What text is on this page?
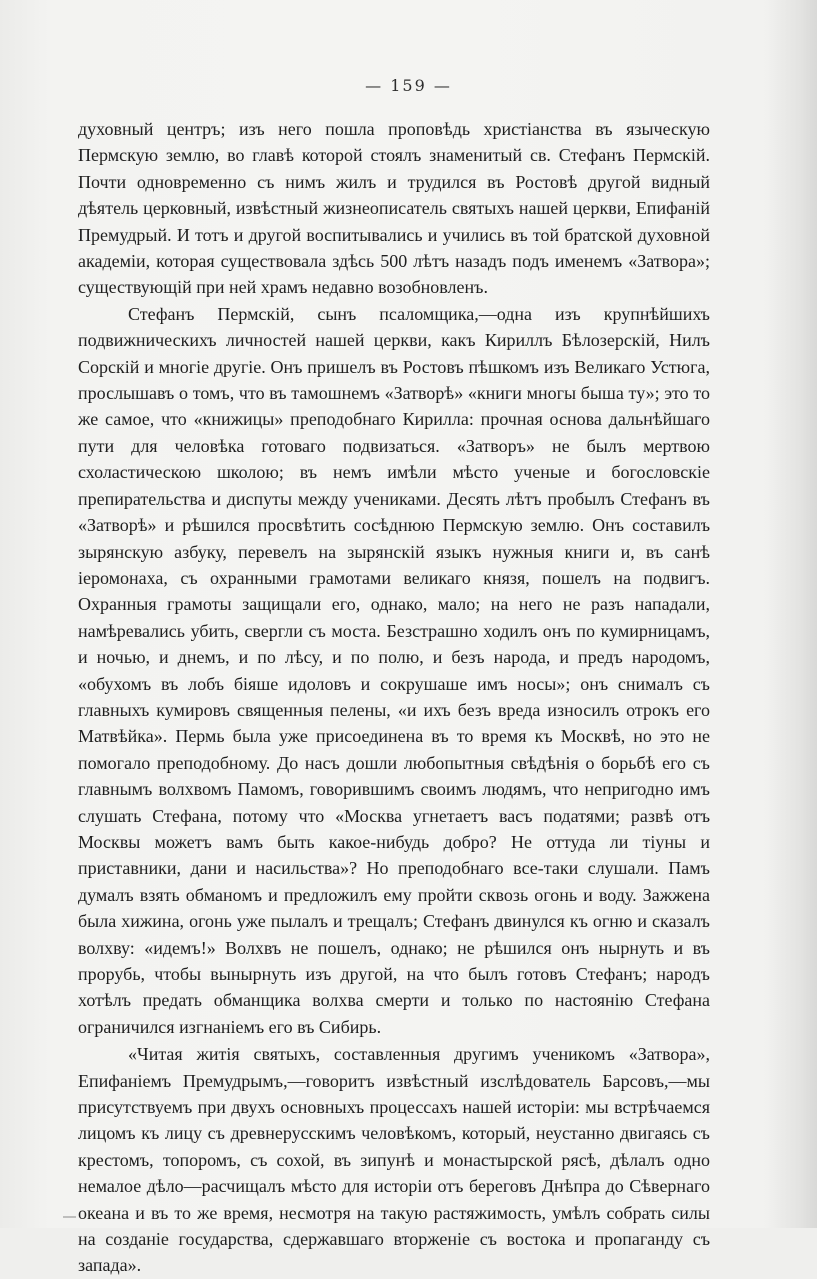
— 159 —

духовный центръ; изъ него пошла проповѣдь христіанства въ языческую Пермскую землю, во главѣ которой стоялъ знаменитый св. Стефанъ Пермскій. Почти одновременно съ нимъ жилъ и трудился въ Ростовѣ другой видный дѣятель церковный, извѣстный жизнеописатель святыхъ нашей церкви, Епифаній Премудрый. И тотъ и другой воспитывались и учились въ той братской духовной академіи, которая существовала здѣсь 500 лѣтъ назадъ подъ именемъ «Затвора»; существующій при ней храмъ недавно возобновленъ.

Стефанъ Пермскій, сынъ псаломщика,—одна изъ крупнѣйшихъ подвижническихъ личностей нашей церкви, какъ Кириллъ Бѣлозерскій, Нилъ Сорскій и многіе другіе. Онъ пришелъ въ Ростовъ пѣшкомъ изъ Великаго Устюга, прослышавъ о томъ, что въ тамошнемъ «Затворѣ» «книги многы быша ту»; это то же самое, что «книжицы» преподобнаго Кирилла: прочная основа дальнѣйшаго пути для человѣка готоваго подвизаться. «Затворъ» не былъ мертвою схоластическою школою; въ немъ имѣли мѣсто ученые и богословскіе препирательства и диспуты между учениками. Десять лѣтъ пробылъ Стефанъ въ «Затворѣ» и рѣшился просвѣтить сосѣднюю Пермскую землю. Онъ составилъ зырянскую азбуку, перевелъ на зырянскій языкъ нужныя книги и, въ санѣ іеромонаха, съ охранными грамотами великаго князя, пошелъ на подвигъ. Охранныя грамоты защищали его, однако, мало; на него не разъ нападали, намѣревались убить, свергли съ моста. Безстрашно ходилъ онъ по кумирницамъ, и ночью, и днемъ, и по лѣсу, и по полю, и безъ народа, и предъ народомъ, «обухомъ въ лобъ біяше идоловъ и сокрушаше имъ носы»; онъ снималъ съ главныхъ кумировъ священныя пелены, «и ихъ безъ вреда износилъ отрокъ его Матвѣйка». Пермь была уже присоединена въ то время къ Москвѣ, но это не помогало преподобному. До насъ дошли любопытныя свѣдѣнія о борьбѣ его съ главнымъ волхвомъ Памомъ, говорившимъ своимъ людямъ, что непригодно имъ слушать Стефана, потому что «Москва угнетаетъ васъ податями; развѣ отъ Москвы можетъ вамъ быть какое-нибудь добро? Не оттуда ли тіуны и приставники, дани и насильства»? Но преподобнаго все-таки слушали. Памъ думалъ взять обманомъ и предложилъ ему пройти сквозь огонь и воду. Зажжена была хижина, огонь уже пылалъ и трещалъ; Стефанъ двинулся къ огню и сказалъ волхву: «идемъ!» Волхвъ не пошелъ, однако; не рѣшился онъ нырнуть и въ прорубь, чтобы вынырнуть изъ другой, на что былъ готовъ Стефанъ; народъ хотѣлъ предать обманщика волхва смерти и только по настоянію Стефана ограничился изгнаніемъ его въ Сибирь.

«Читая житія святыхъ, составленныя другимъ ученикомъ «Затвора», Епифаніемъ Премудрымъ,—говоритъ извѣстный изслѣдователь Барсовъ,—мы присутствуемъ при двухъ основныхъ процессахъ нашей исторіи: мы встрѣчаемся лицомъ къ лицу съ древнерусскимъ человѣкомъ, который, неустанно двигаясь съ крестомъ, топоромъ, съ сохой, въ зипунѣ и монастырской рясѣ, дѣлалъ одно немалое дѣло—расчищалъ мѣсто для исторіи отъ береговъ Днѣпра до Сѣвернаго океана и въ то же время, несмотря на такую растяжимость, умѣлъ собрать силы на созданіе государства, сдержавшаго вторженіе съ востока и пропаганду съ запада».
